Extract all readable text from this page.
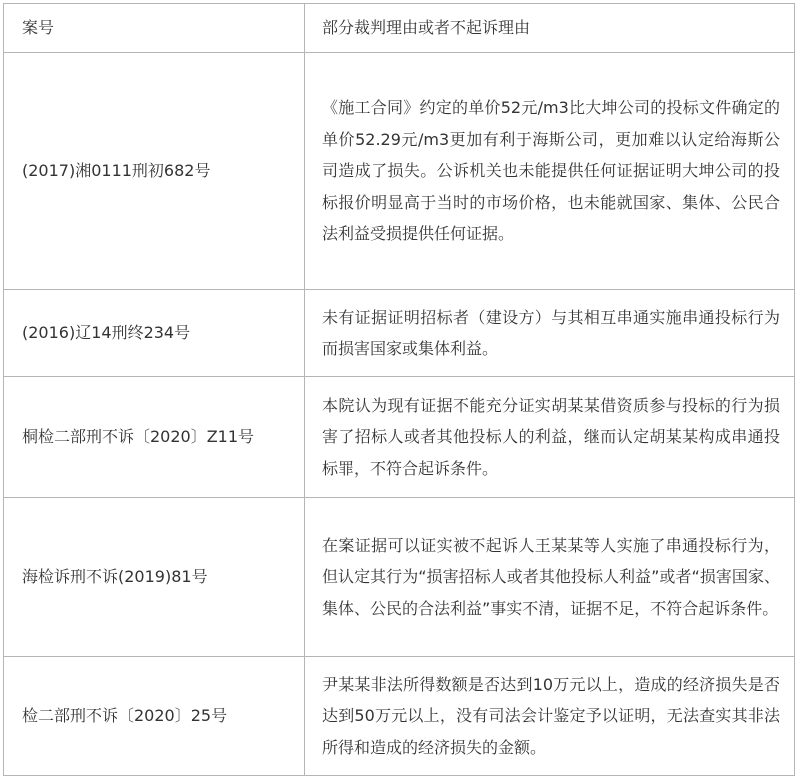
案号	部分裁判理由或者不起诉理由
(2017)湘0111刑初682号	《施工合同》约定的单价52元/m3比大坤公司的投标文件确定的单价52.29元/m3更加有利于海斯公司，更加难以认定给海斯公司造成了损失。公诉机关也未能提供任何证据证明大坤公司的投标报价明显高于当时的市场价格，也未能就国家、集体、公民合法利益受损提供任何证据。
(2016)辽14刑终234号	未有证据证明招标者（建设方）与其相互串通实施串通投标行为而损害国家或集体利益。
桐检二部刑不诉〔2020〕Z11号	本院认为现有证据不能充分证实胡某某借资质参与投标的行为损害了招标人或者其他投标人的利益，继而认定胡某某构成串通投标罪，不符合起诉条件。
海检诉刑不诉(2019)81号	在案证据可以证实被不起诉人王某某等人实施了串通投标行为，但认定其行为“损害招标人或者其他投标人利益”或者“损害国家、集体、公民的合法利益”事实不清，证据不足，不符合起诉条件。
检二部刑不诉〔2020〕25号	尹某某非法所得数额是否达到10万元以上，造成的经济损失是否达到50万元以上，没有司法会计鉴定予以证明，无法查实其非法所得和造成的经济损失的金额。
